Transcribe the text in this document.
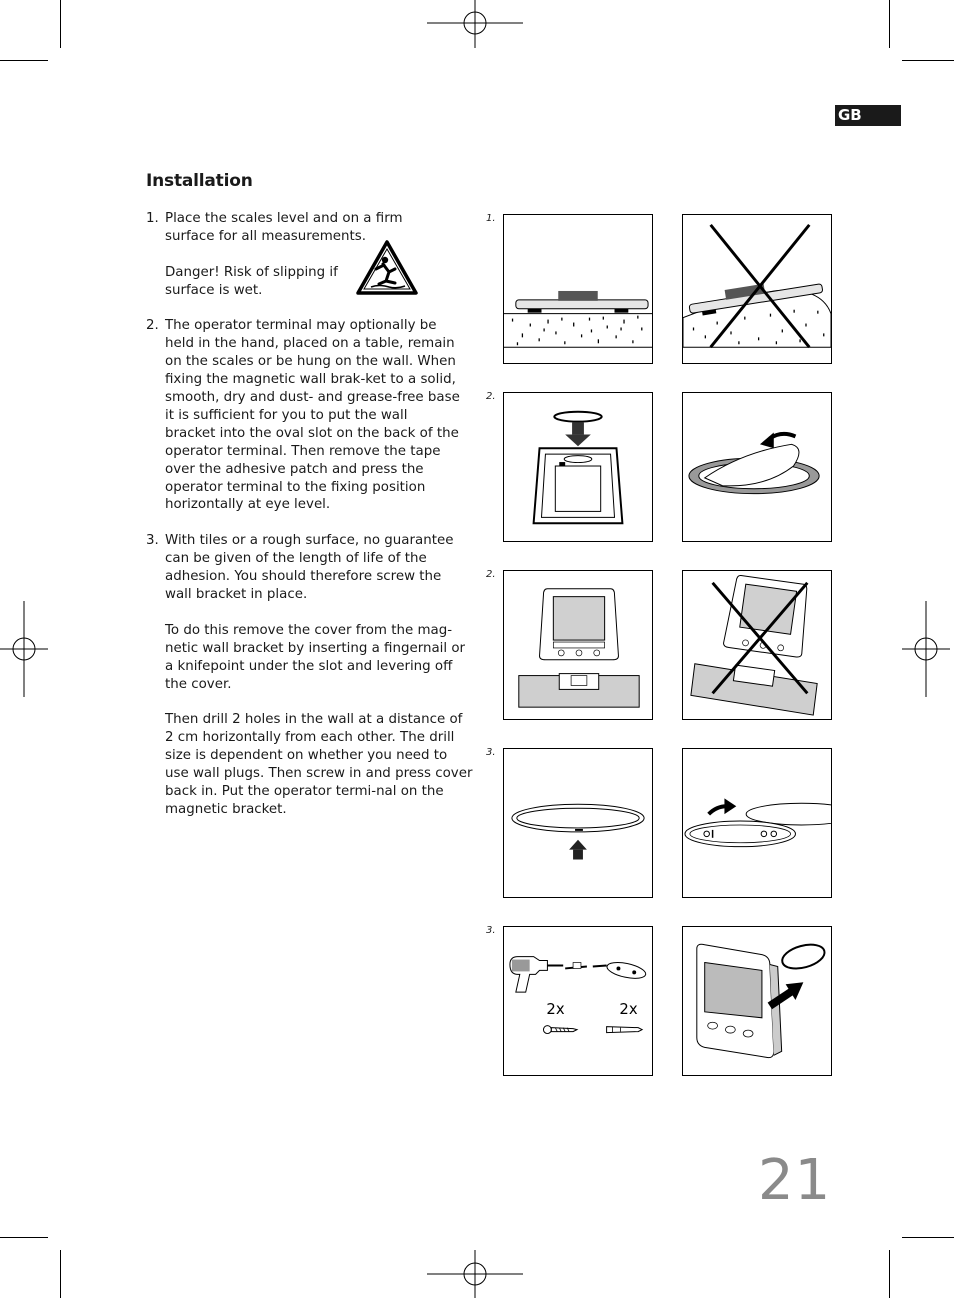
GB
Installation
1. Place the scales level and on a firm surface for all measurements.

Danger! Risk of slipping if surface is wet.

2. The operator terminal may optionally be held in the hand, placed on a table, remain on the scales or be hung on the wall. When fixing the magnetic wall brak-ket to a solid, smooth, dry and dust- and grease-free base it is sufficient for you to put the wall bracket into the oval slot on the back of the operator terminal. Then remove the tape over the adhesive patch and press the operator terminal to the fixing position horizontally at eye level.

3. With tiles or a rough surface, no guarantee can be given of the length of life of the adhesion. You should therefore screw the wall bracket in place.

To do this remove the cover from the mag-netic wall bracket by inserting a fingernail or a knifepoint under the slot and levering off the cover.

Then drill 2 holes in the wall at a distance of 2 cm horizontally from each other. The drill size is dependent on whether you need to use wall plugs. Then screw in and press cover back in. Put the operator termi-nal on the magnetic bracket.

1.
2.
2.
3.
3.
2x	2x
21
